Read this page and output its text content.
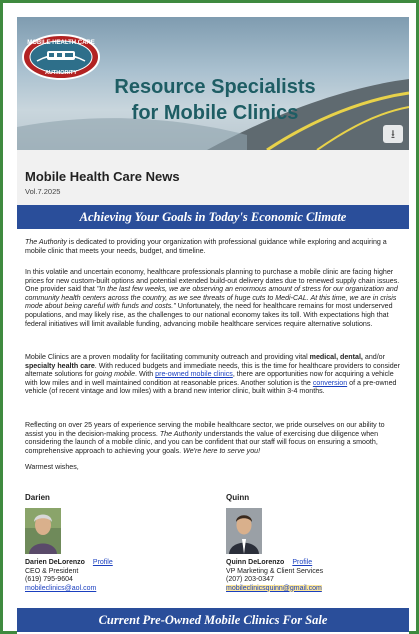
MOBILE HEALTH CARE
AUTHORITY
Resource Specialists
for Mobile Clinics
⭳
Mobile Health Care News
Vol.7.2025
Achieving Your Goals in Today's Economic Climate
The Authority is dedicated to providing your organization with professional guidance while exploring and acquiring a mobile clinic that meets your needs, budget, and timeline.
In this volatile and uncertain economy, healthcare professionals planning to purchase a mobile clinic are facing higher prices for new custom-built options and potential extended build-out delivery dates due to renewed supply chain issues. One provider said that "In the last few weeks, we are observing an enormous amount of stress for our organization and community health centers across the country, as we see threats of huge cuts to Medi-CAL. At this time, we are in crisis mode about being careful with funds and costs." Unfortunately, the need for healthcare remains for most underserved populations, and may likely rise, as the challenges to our national economy takes its toll. With expectations high that federal initiatives will limit available funding, advancing mobile healthcare services require alternative solutions.
Mobile Clinics are a proven modality for facilitating community outreach and providing vital medical, dental, and/or specialty health care. With reduced budgets and immediate needs, this is the time for healthcare providers to consider alternate solutions for going mobile. With pre-owned mobile clinics, there are opportunities now for acquiring a vehicle with low miles and in well maintained condition at reasonable prices. Another solution is the conversion of a pre-owned vehicle (of recent vintage and low miles) with a brand new interior clinic, built within 3-4 months.
Reflecting on over 25 years of experience serving the mobile healthcare sector, we pride ourselves on our ability to assist you in the decision-making process. The Authority understands the value of exercising due diligence when considering the launch of a mobile clinic, and you can be confident that our staff will focus on ensuring a smooth, comprehensive approach to achieving your goals. We're here to serve you!
Warmest wishes,
Darien
Darien DeLorenzo Profile
CEO & President
(619) 795-9604
mobileclinics@aol.com
Quinn
Quinn DeLorenzo Profile
VP Marketing & Client Services
(207) 203-0347
mobileclinicsquinn@gmail.com
Current Pre-Owned Mobile Clinics For Sale
